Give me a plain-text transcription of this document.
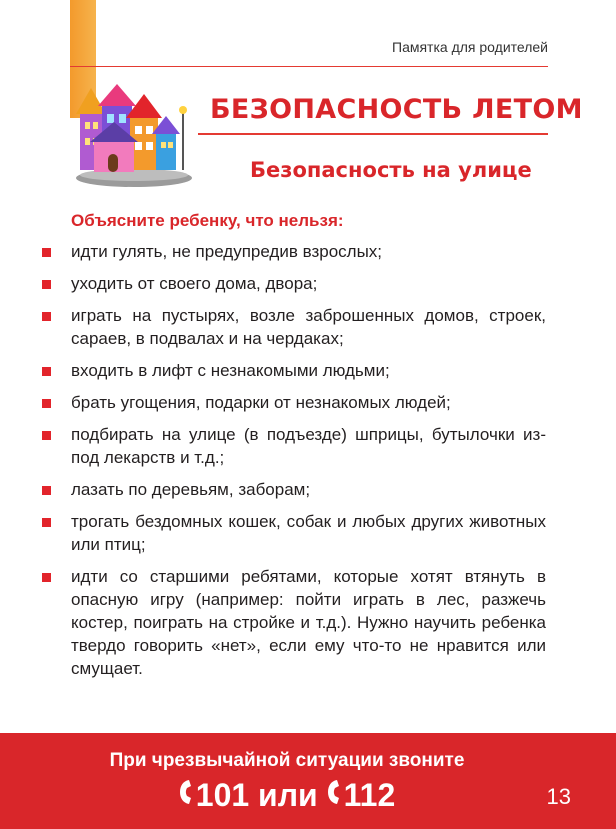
Памятка для родителей
БЕЗОПАСНОСТЬ ЛЕТОМ
Безопасность на улице
Объясните ребенку, что нельзя:
идти гулять, не предупредив взрослых;
уходить от своего дома, двора;
играть на пустырях, возле заброшенных домов, строек, сараев, в подвалах и на чердаках;
входить в лифт с незнакомыми людьми;
брать угощения, подарки от незнакомых людей;
подбирать на улице (в подъезде) шприцы, бутылочки из-под лекарств и т.д.;
лазать по деревьям, заборам;
трогать бездомных кошек, собак и любых других животных или птиц;
идти со старшими ребятами, которые хотят втянуть в опасную игру (например: пойти играть в лес, разжечь костер, поиграть на стройке и т.д.). Нужно научить ребенка твердо говорить «нет», если ему что-то не нравится или смущает.
При чрезвычайной ситуации звоните
101 или 112	13
